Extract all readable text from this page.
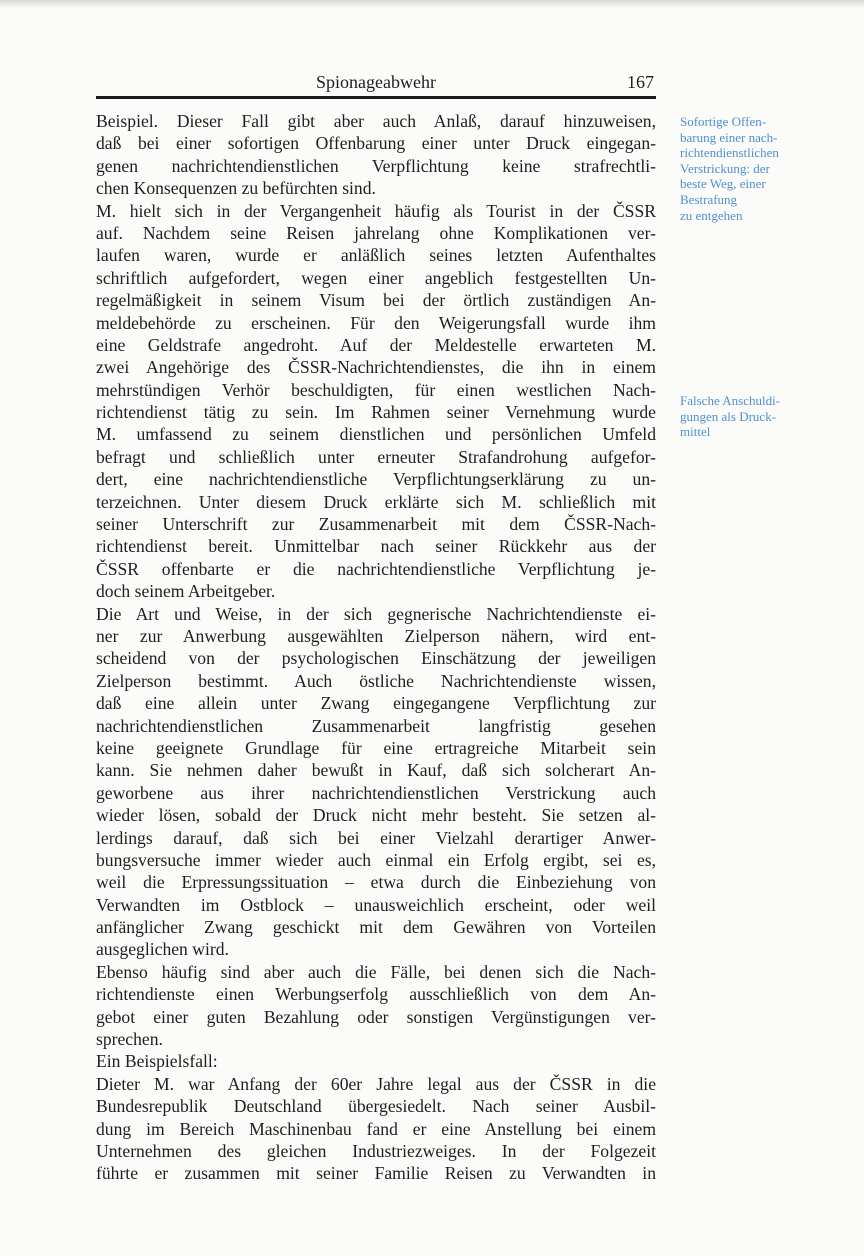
Spionageabwehr	167
Beispiel. Dieser Fall gibt aber auch Anlaß, darauf hinzuweisen,
daß bei einer sofortigen Offenbarung einer unter Druck eingegan-
genen nachrichtendienstlichen Verpflichtung keine strafrechtli-
chen Konsequenzen zu befürchten sind.
M. hielt sich in der Vergangenheit häufig als Tourist in der ČSSR
auf. Nachdem seine Reisen jahrelang ohne Komplikationen ver-
laufen waren, wurde er anläßlich seines letzten Aufenthaltes
schriftlich aufgefordert, wegen einer angeblich festgestellten Un-
regelmäßigkeit in seinem Visum bei der örtlich zuständigen An-
meldebehörde zu erscheinen. Für den Weigerungsfall wurde ihm
eine Geldstrafe angedroht. Auf der Meldestelle erwarteten M.
zwei Angehörige des ČSSR-Nachrichtendienstes, die ihn in einem
mehrstündigen Verhör beschuldigten, für einen westlichen Nach-
richtendienst tätig zu sein. Im Rahmen seiner Vernehmung wurde
M. umfassend zu seinem dienstlichen und persönlichen Umfeld
befragt und schließlich unter erneuter Strafandrohung aufgefor-
dert, eine nachrichtendienstliche Verpflichtungserklärung zu un-
terzeichnen. Unter diesem Druck erklärte sich M. schließlich mit
seiner Unterschrift zur Zusammenarbeit mit dem ČSSR-Nach-
richtendienst bereit. Unmittelbar nach seiner Rückkehr aus der
ČSSR offenbarte er die nachrichtendienstliche Verpflichtung je-
doch seinem Arbeitgeber.
Die Art und Weise, in der sich gegnerische Nachrichtendienste ei-
ner zur Anwerbung ausgewählten Zielperson nähern, wird ent-
scheidend von der psychologischen Einschätzung der jeweiligen
Zielperson bestimmt. Auch östliche Nachrichtendienste wissen,
daß eine allein unter Zwang eingegangene Verpflichtung zur
nachrichtendienstlichen Zusammenarbeit langfristig gesehen
keine geeignete Grundlage für eine ertragreiche Mitarbeit sein
kann. Sie nehmen daher bewußt in Kauf, daß sich solcherart An-
geworbene aus ihrer nachrichtendienstlichen Verstrickung auch
wieder lösen, sobald der Druck nicht mehr besteht. Sie setzen al-
lerdings darauf, daß sich bei einer Vielzahl derartiger Anwer-
bungsversuche immer wieder auch einmal ein Erfolg ergibt, sei es,
weil die Erpressungssituation – etwa durch die Einbeziehung von
Verwandten im Ostblock – unausweichlich erscheint, oder weil
anfänglicher Zwang geschickt mit dem Gewähren von Vorteilen
ausgeglichen wird.
Ebenso häufig sind aber auch die Fälle, bei denen sich die Nach-
richtendienste einen Werbungserfolg ausschließlich von dem An-
gebot einer guten Bezahlung oder sonstigen Vergünstigungen ver-
sprechen.
Ein Beispielsfall:
Dieter M. war Anfang der 60er Jahre legal aus der ČSSR in die
Bundesrepublik Deutschland übergesiedelt. Nach seiner Ausbil-
dung im Bereich Maschinenbau fand er eine Anstellung bei einem
Unternehmen des gleichen Industriezweiges. In der Folgezeit
führte er zusammen mit seiner Familie Reisen zu Verwandten in
Sofortige Offen-
barung einer nach-
richtendienstlichen
Verstrickung: der
beste Weg, einer
Bestrafung
zu entgehen
Falsche Anschuldi-
gungen als Druck-
mittel
